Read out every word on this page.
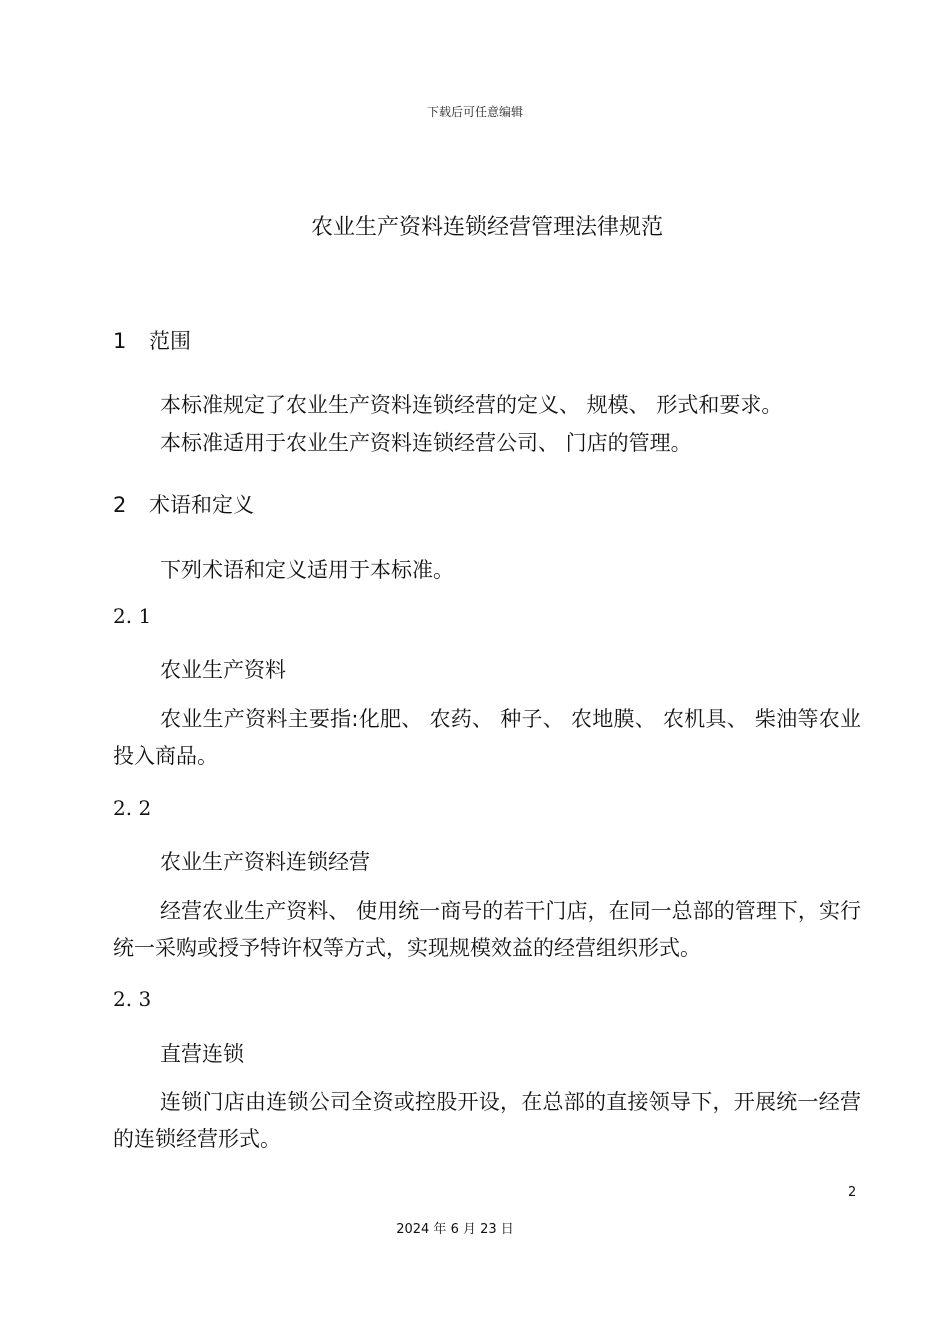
下载后可任意编辑
农业生产资料连锁经营管理法律规范
1 范围
本标准规定了农业生产资料连锁经营的定义、 规模、 形式和要求。
本标准适用于农业生产资料连锁经营公司、 门店的管理。
2 术语和定义
下列术语和定义适用于本标准。
2. 1
农业生产资料
农业生产资料主要指:化肥、 农药、 种子、 农地膜、 农机具、 柴油等农业投入商品。
2. 2
农业生产资料连锁经营
经营农业生产资料、 使用统一商号的若干门店，在同一总部的管理下，实行统一采购或授予特许权等方式，实现规模效益的经营组织形式。
2. 3
直营连锁
连锁门店由连锁公司全资或控股开设，在总部的直接领导下，开展统一经营的连锁经营形式。
2
2024 年 6 月 23 日
